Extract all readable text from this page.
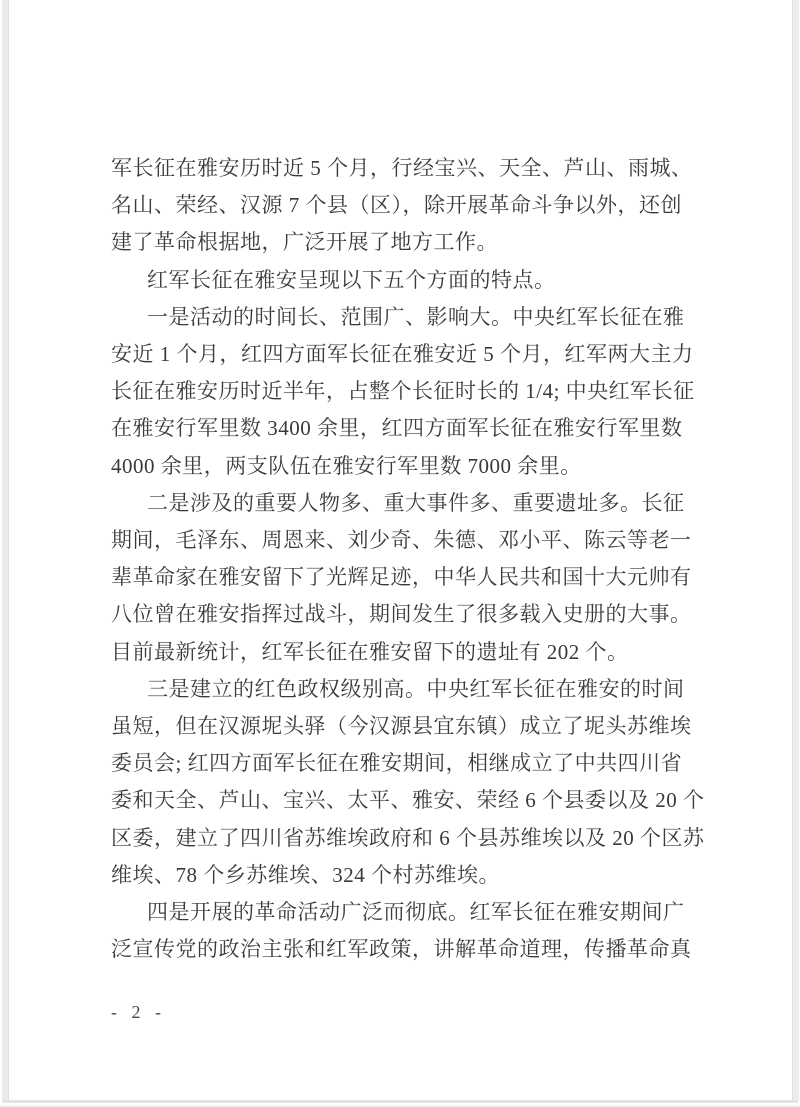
军长征在雅安历时近 5 个月，行经宝兴、天全、芦山、雨城、
名山、荣经、汉源 7 个县（区），除开展革命斗争以外，还创
建了革命根据地，广泛开展了地方工作。
红军长征在雅安呈现以下五个方面的特点。
一是活动的时间长、范围广、影响大。中央红军长征在雅
安近 1 个月，红四方面军长征在雅安近 5 个月，红军两大主力
长征在雅安历时近半年，占整个长征时长的 1/4; 中央红军长征
在雅安行军里数 3400 余里，红四方面军长征在雅安行军里数
4000 余里，两支队伍在雅安行军里数 7000 余里。
二是涉及的重要人物多、重大事件多、重要遗址多。长征
期间，毛泽东、周恩来、刘少奇、朱德、邓小平、陈云等老一
辈革命家在雅安留下了光辉足迹，中华人民共和国十大元帅有
八位曾在雅安指挥过战斗，期间发生了很多载入史册的大事。
目前最新统计，红军长征在雅安留下的遗址有 202 个。
三是建立的红色政权级别高。中央红军长征在雅安的时间
虽短，但在汉源坭头驿（今汉源县宜东镇）成立了坭头苏维埃
委员会; 红四方面军长征在雅安期间，相继成立了中共四川省
委和天全、芦山、宝兴、太平、雅安、荣经 6 个县委以及 20 个
区委，建立了四川省苏维埃政府和 6 个县苏维埃以及 20 个区苏
维埃、78 个乡苏维埃、324 个村苏维埃。
四是开展的革命活动广泛而彻底。红军长征在雅安期间广
泛宣传党的政治主张和红军政策，讲解革命道理，传播革命真
- 2 -
